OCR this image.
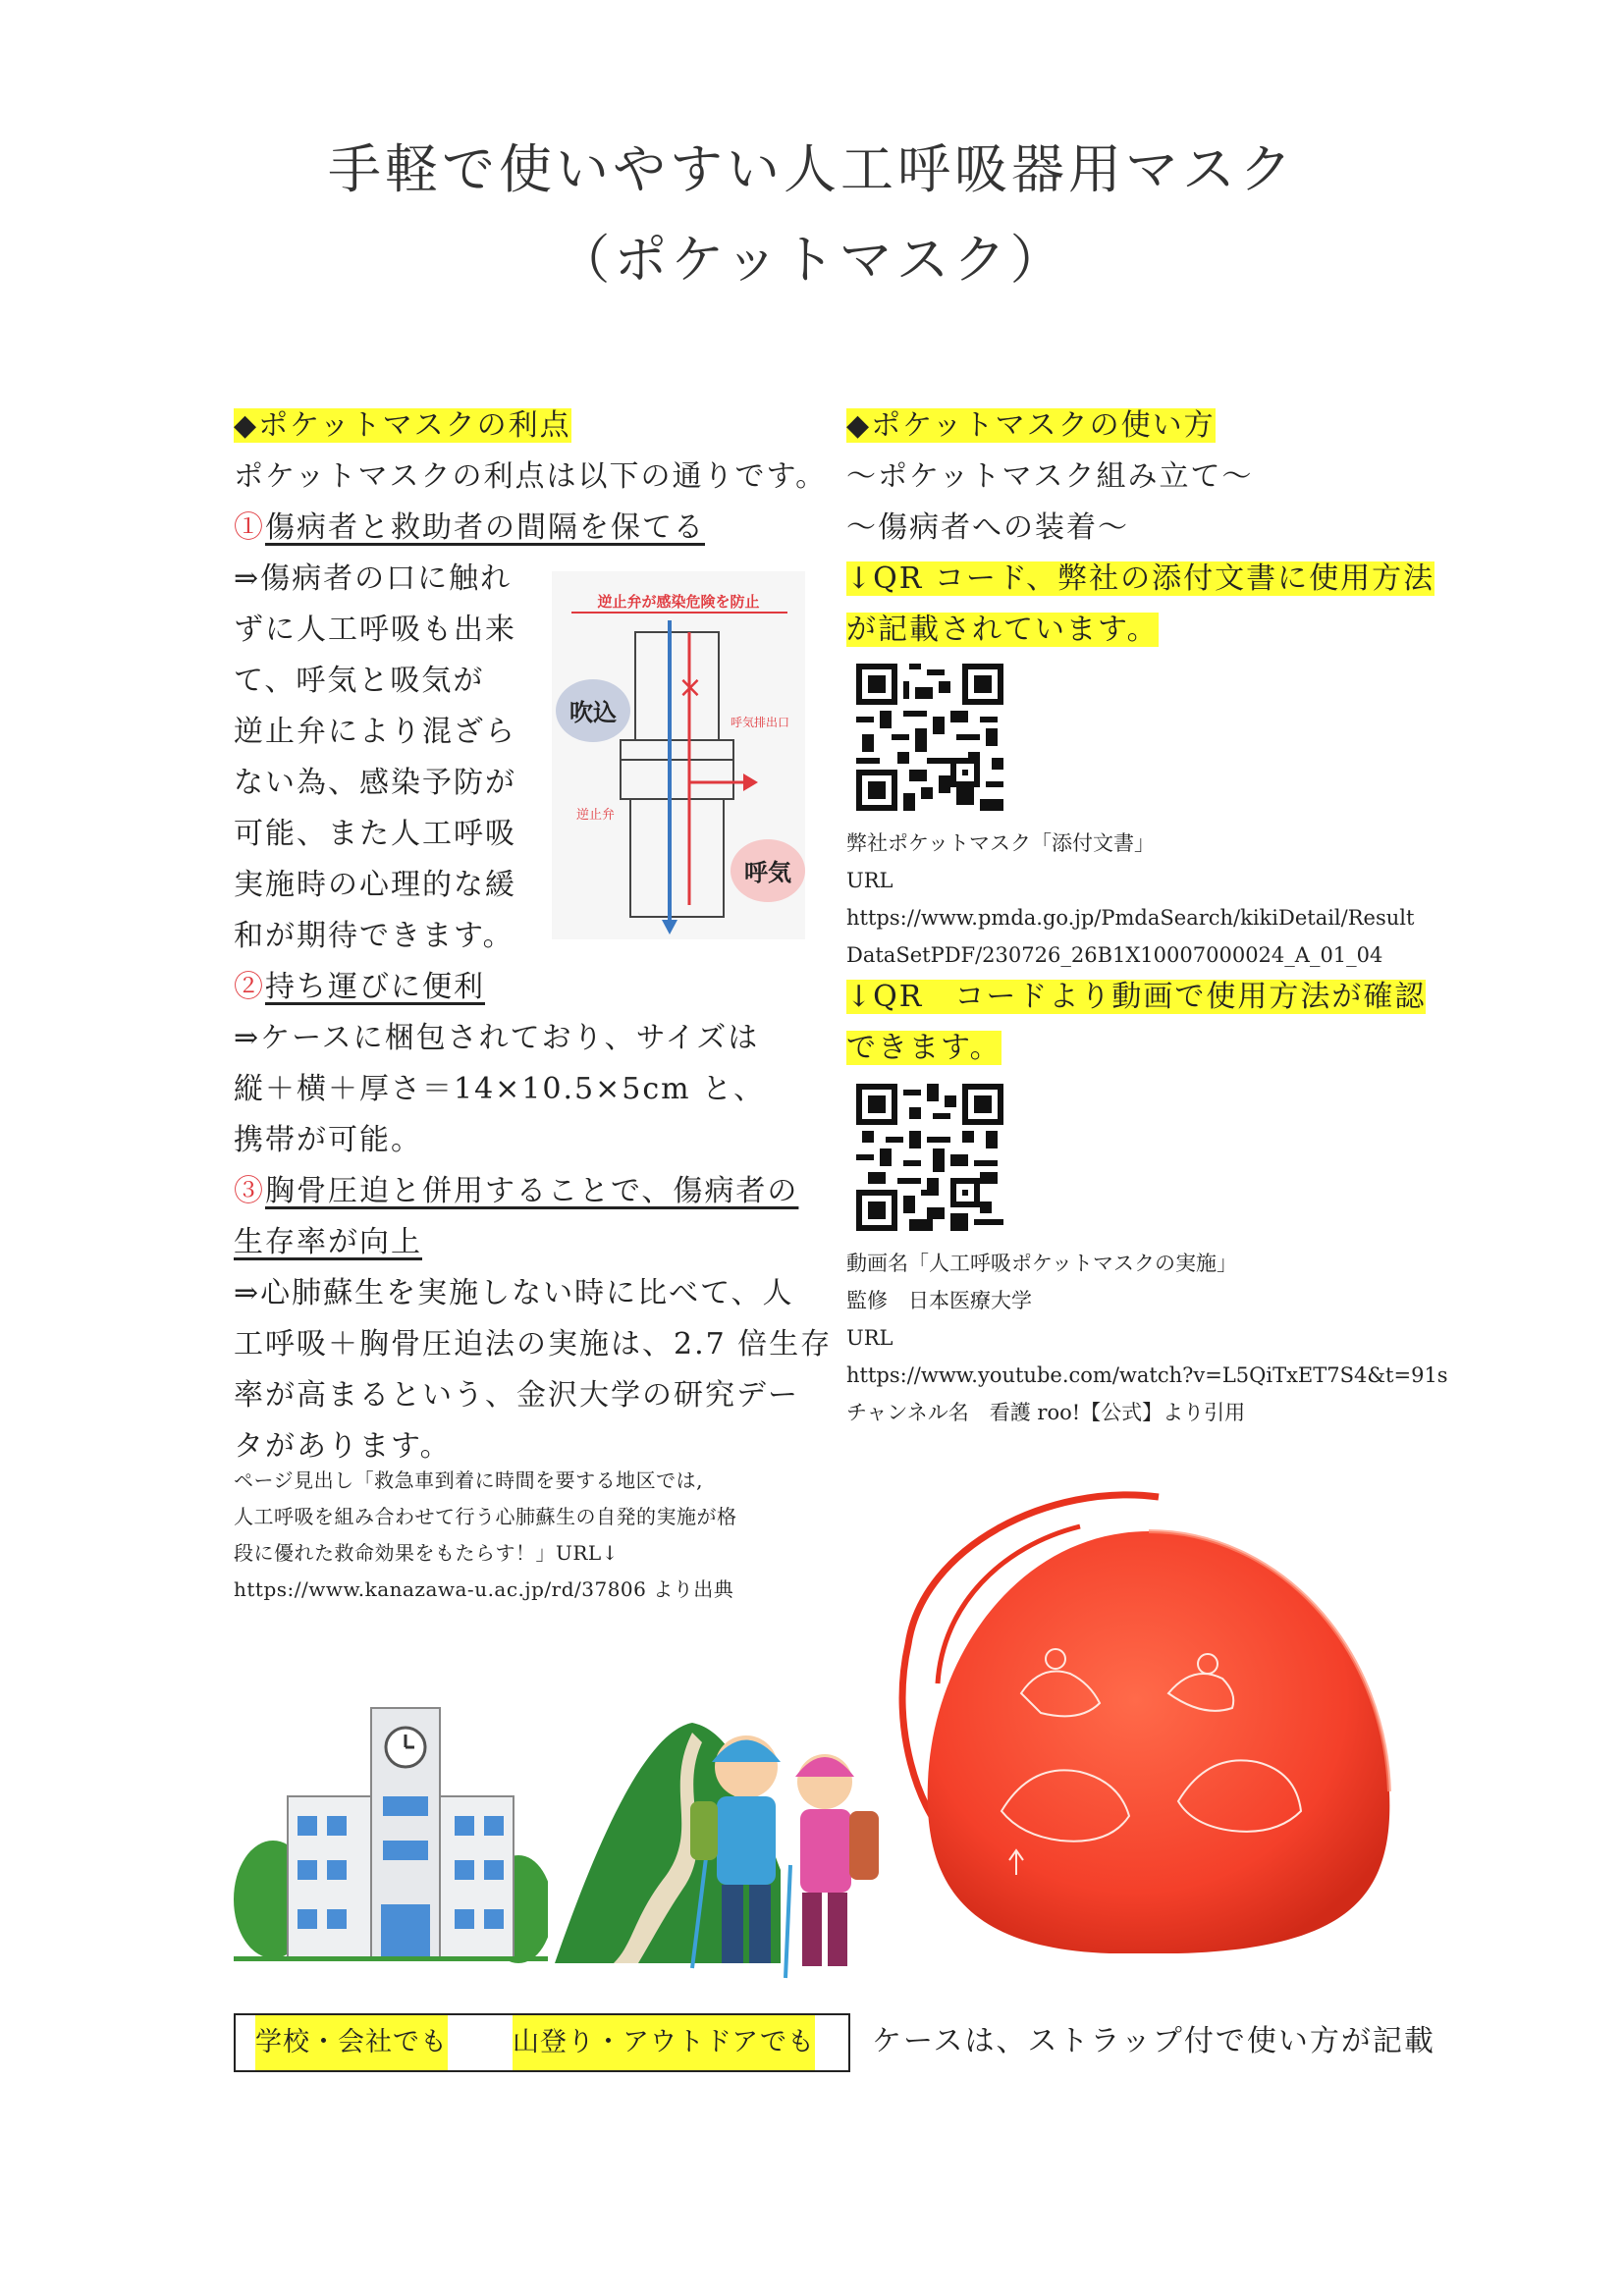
手軽で使いやすい人工呼吸器用マスク
（ポケットマスク）
◆ポケットマスクの利点
ポケットマスクの利点は以下の通りです。
①傷病者と救助者の間隔を保てる
⇒傷病者の口に触れ
ずに人工呼吸も出来
て、呼気と吸気が
逆止弁により混ざら
ない為、感染予防が
可能、また人工呼吸
実施時の心理的な緩
和が期待できます。
逆止弁が感染危険を防止
×
吹込	呼気排出口
逆止弁
呼気
②持ち運びに便利
⇒ケースに梱包されており、サイズは
縦＋横＋厚さ＝14×10.5×5cm と、
携帯が可能。
③胸骨圧迫と併用することで、傷病者の
生存率が向上
⇒心肺蘇生を実施しない時に比べて、人
工呼吸＋胸骨圧迫法の実施は、2.7 倍生存
率が高まるという、金沢大学の研究デー
タがあります。
ページ見出し「救急車到着に時間を要する地区では,
人工呼吸を組み合わせて行う心肺蘇生の自発的実施が格
段に優れた救命効果をもたらす！」URL↓
https://www.kanazawa-u.ac.jp/rd/37806 より出典
◆ポケットマスクの使い方
〜ポケットマスク組み立て〜
〜傷病者への装着〜
↓QR コード、弊社の添付文書に使用方法
が記載されています。
弊社ポケットマスク「添付文書」
URL
https://www.pmda.go.jp/PmdaSearch/kikiDetail/Result
DataSetPDF/230726_26B1X10007000024_A_01_04
↓QR　コードより動画で使用方法が確認
できます。
動画名「人工呼吸ポケットマスクの実施」
監修　日本医療大学
URL
https://www.youtube.com/watch?v=L5QiTxET7S4&t=91s
チャンネル名　看護 roo!【公式】より引用
学校・会社でも 山登り・アウトドアでも ケースは、ストラップ付で使い方が記載
